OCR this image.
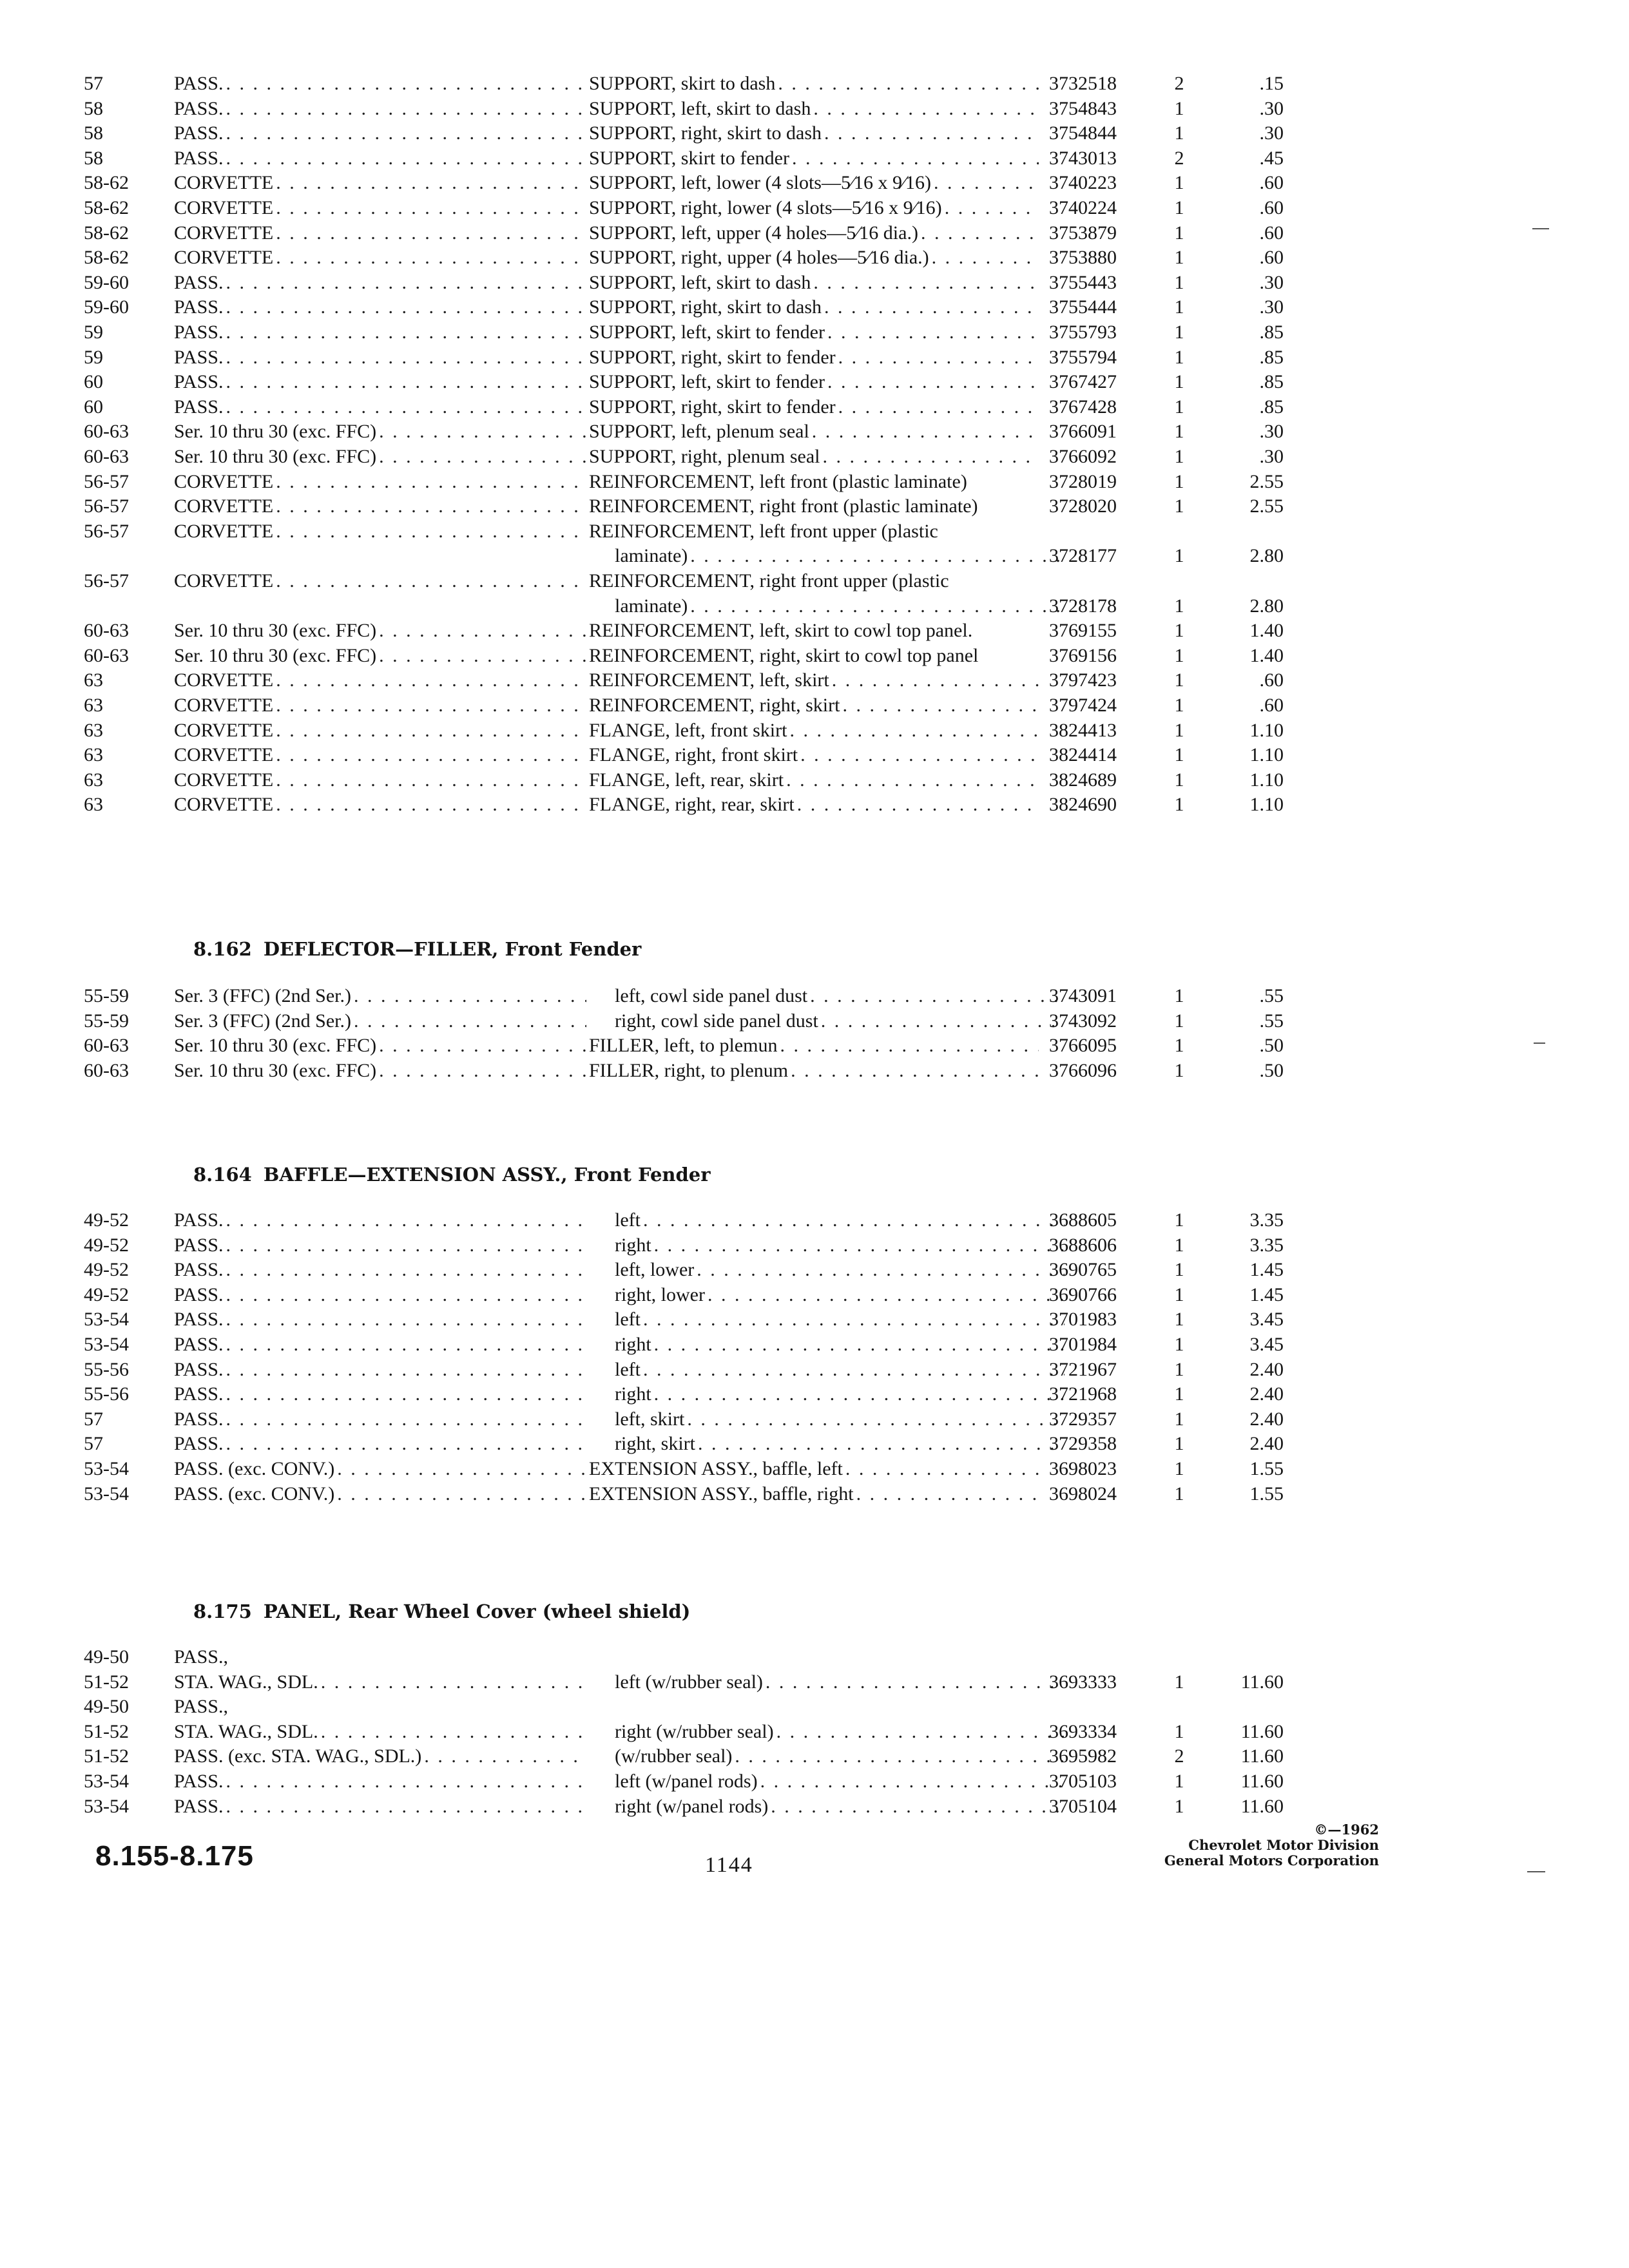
57	PASS. . . .	SUPPORT, skirt to dash . . .	3732518	2	.15
58	PASS. . . .	SUPPORT, left, skirt to dash . . .	3754843	1	.30
58	PASS. . . .	SUPPORT, right, skirt to dash . . .	3754844	1	.30
58	PASS. . . .	SUPPORT, skirt to fender . . .	3743013	2	.45
58-62	CORVETTE . . .	SUPPORT, left, lower (4 slots—5⁄16 x 9⁄16) . . .	3740223	1	.60
58-62	CORVETTE . . .	SUPPORT, right, lower (4 slots—5⁄16 x 9⁄16) . . .	3740224	1	.60
58-62	CORVETTE . . .	SUPPORT, left, upper (4 holes—5⁄16 dia.) . . .	3753879	1	.60
58-62	CORVETTE . . .	SUPPORT, right, upper (4 holes—5⁄16 dia.) . . .	3753880	1	.60
59-60	PASS. . . .	SUPPORT, left, skirt to dash . . .	3755443	1	.30
59-60	PASS. . . .	SUPPORT, right, skirt to dash . . .	3755444	1	.30
59	PASS. . . .	SUPPORT, left, skirt to fender . . .	3755793	1	.85
59	PASS. . . .	SUPPORT, right, skirt to fender . . .	3755794	1	.85
60	PASS. . . .	SUPPORT, left, skirt to fender . . .	3767427	1	.85
60	PASS. . . .	SUPPORT, right, skirt to fender . . .	3767428	1	.85
60-63	Ser. 10 thru 30 (exc. FFC) . . .	SUPPORT, left, plenum seal . . .	3766091	1	.30
60-63	Ser. 10 thru 30 (exc. FFC) . . .	SUPPORT, right, plenum seal . . .	3766092	1	.30
56-57	CORVETTE . . .	REINFORCEMENT, left front (plastic laminate)	3728019	1	2.55
56-57	CORVETTE . . .	REINFORCEMENT, right front (plastic laminate)	3728020	1	2.55
56-57	CORVETTE . . .	REINFORCEMENT, left front upper (plastic
laminate) . . .	3728177	1	2.80
56-57	CORVETTE . . .	REINFORCEMENT, right front upper (plastic
laminate) . . .	3728178	1	2.80
60-63	Ser. 10 thru 30 (exc. FFC) . . .	REINFORCEMENT, left, skirt to cowl top panel.	3769155	1	1.40
60-63	Ser. 10 thru 30 (exc. FFC) . . .	REINFORCEMENT, right, skirt to cowl top panel	3769156	1	1.40
63	CORVETTE . . .	REINFORCEMENT, left, skirt . . .	3797423	1	.60
63	CORVETTE . . .	REINFORCEMENT, right, skirt . . .	3797424	1	.60
63	CORVETTE . . .	FLANGE, left, front skirt . . .	3824413	1	1.10
63	CORVETTE . . .	FLANGE, right, front skirt . . .	3824414	1	1.10
63	CORVETTE . . .	FLANGE, left, rear, skirt . . .	3824689	1	1.10
63	CORVETTE . . .	FLANGE, right, rear, skirt . . .	3824690	1	1.10
8.162 DEFLECTOR—FILLER, Front Fender
55-59	Ser. 3 (FFC) (2nd Ser.) . . .	left, cowl side panel dust . . .	3743091	1	.55
55-59	Ser. 3 (FFC) (2nd Ser.) . . .	right, cowl side panel dust . . .	3743092	1	.55
60-63	Ser. 10 thru 30 (exc. FFC) . . .	FILLER, left, to plemun . . .	3766095	1	.50
60-63	Ser. 10 thru 30 (exc. FFC) . . .	FILLER, right, to plenum . . .	3766096	1	.50
8.164 BAFFLE—EXTENSION ASSY., Front Fender
49-52	PASS. . . .	left . . .	3688605	1	3.35
49-52	PASS. . . .	right . . .	3688606	1	3.35
49-52	PASS. . . .	left, lower . . .	3690765	1	1.45
49-52	PASS. . . .	right, lower . . .	3690766	1	1.45
53-54	PASS. . . .	left . . .	3701983	1	3.45
53-54	PASS. . . .	right . . .	3701984	1	3.45
55-56	PASS. . . .	left . . .	3721967	1	2.40
55-56	PASS. . . .	right . . .	3721968	1	2.40
57	PASS. . . .	left, skirt . . .	3729357	1	2.40
57	PASS. . . .	right, skirt . . .	3729358	1	2.40
53-54	PASS. (exc. CONV.) . . .	EXTENSION ASSY., baffle, left . . .	3698023	1	1.55
53-54	PASS. (exc. CONV.) . . .	EXTENSION ASSY., baffle, right . . .	3698024	1	1.55
8.175 PANEL, Rear Wheel Cover (wheel shield)
49-50	PASS.,
51-52	STA. WAG., SDL. . . .	left (w/rubber seal) . . .	3693333	1	11.60
49-50	PASS.,
51-52	STA. WAG., SDL. . . .	right (w/rubber seal) . . .	3693334	1	11.60
51-52	PASS. (exc. STA. WAG., SDL.) . . .	(w/rubber seal) . . .	3695982	2	11.60
53-54	PASS. . . .	left (w/panel rods) . . .	3705103	1	11.60
53-54	PASS. . . .	right (w/panel rods) . . .	3705104	1	11.60
8.155-8.175	1144
©—1962
Chevrolet Motor Division
General Motors Corporation
